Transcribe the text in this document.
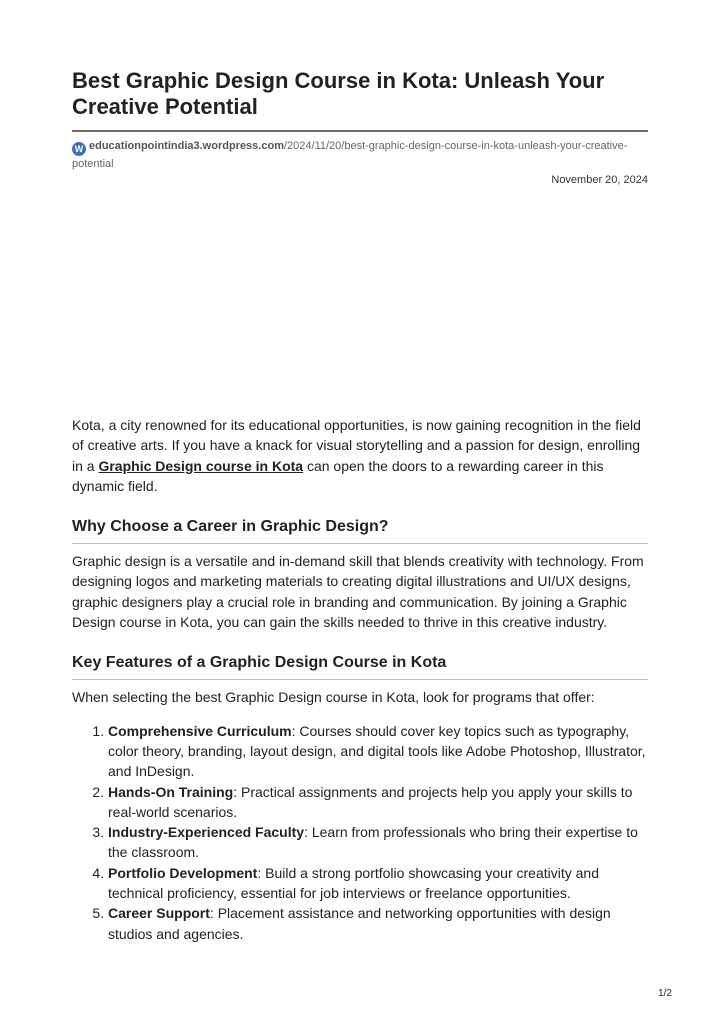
Best Graphic Design Course in Kota: Unleash Your Creative Potential
W educationpointindia3.wordpress.com/2024/11/20/best-graphic-design-course-in-kota-unleash-your-creative-potential
November 20, 2024

Kota, a city renowned for its educational opportunities, is now gaining recognition in the field of creative arts. If you have a knack for visual storytelling and a passion for design, enrolling in a Graphic Design course in Kota can open the doors to a rewarding career in this dynamic field.

Why Choose a Career in Graphic Design?

Graphic design is a versatile and in-demand skill that blends creativity with technology. From designing logos and marketing materials to creating digital illustrations and UI/UX designs, graphic designers play a crucial role in branding and communication. By joining a Graphic Design course in Kota, you can gain the skills needed to thrive in this creative industry.

Key Features of a Graphic Design Course in Kota

When selecting the best Graphic Design course in Kota, look for programs that offer:

1. Comprehensive Curriculum: Courses should cover key topics such as typography, color theory, branding, layout design, and digital tools like Adobe Photoshop, Illustrator, and InDesign.
2. Hands-On Training: Practical assignments and projects help you apply your skills to real-world scenarios.
3. Industry-Experienced Faculty: Learn from professionals who bring their expertise to the classroom.
4. Portfolio Development: Build a strong portfolio showcasing your creativity and technical proficiency, essential for job interviews or freelance opportunities.
5. Career Support: Placement assistance and networking opportunities with design studios and agencies.
1/2
